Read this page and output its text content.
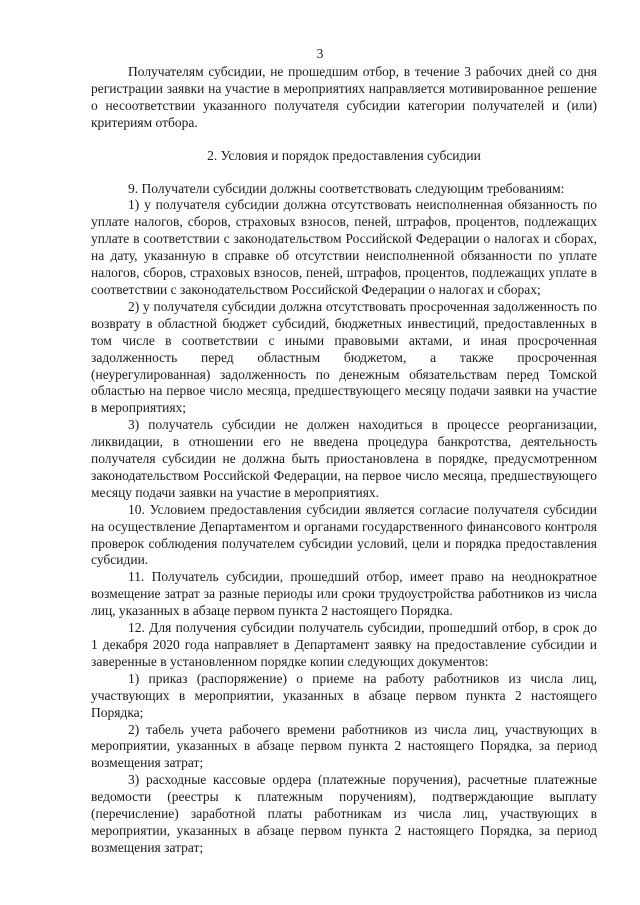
3

Получателям субсидии, не прошедшим отбор, в течение 3 рабочих дней со дня регистрации заявки на участие в мероприятиях направляется мотивированное решение о несоответствии указанного получателя субсидии категории получателей и (или) критериям отбора.

2. Условия и порядок предоставления субсидии

9. Получатели субсидии должны соответствовать следующим требованиям:

1) у получателя субсидии должна отсутствовать неисполненная обязанность по уплате налогов, сборов, страховых взносов, пеней, штрафов, процентов, подлежащих уплате в соответствии с законодательством Российской Федерации о налогах и сборах, на дату, указанную в справке об отсутствии неисполненной обязанности по уплате налогов, сборов, страховых взносов, пеней, штрафов, процентов, подлежащих уплате в соответствии с законодательством Российской Федерации о налогах и сборах;

2) у получателя субсидии должна отсутствовать просроченная задолженность по возврату в областной бюджет субсидий, бюджетных инвестиций, предоставленных в том числе в соответствии с иными правовыми актами, и иная просроченная задолженность перед областным бюджетом, а также просроченная (неурегулированная) задолженность по денежным обязательствам перед Томской областью на первое число месяца, предшествующего месяцу подачи заявки на участие в мероприятиях;

3) получатель субсидии не должен находиться в процессе реорганизации, ликвидации, в отношении его не введена процедура банкротства, деятельность получателя субсидии не должна быть приостановлена в порядке, предусмотренном законодательством Российской Федерации, на первое число месяца, предшествующего месяцу подачи заявки на участие в мероприятиях.

10. Условием предоставления субсидии является согласие получателя субсидии на осуществление Департаментом и органами государственного финансового контроля проверок соблюдения получателем субсидии условий, цели и порядка предоставления субсидии.

11. Получатель субсидии, прошедший отбор, имеет право на неоднократное возмещение затрат за разные периоды или сроки трудоустройства работников из числа лиц, указанных в абзаце первом пункта 2 настоящего Порядка.

12. Для получения субсидии получатель субсидии, прошедший отбор, в срок до 1 декабря 2020 года направляет в Департамент заявку на предоставление субсидии и заверенные в установленном порядке копии следующих документов:

1) приказ (распоряжение) о приеме на работу работников из числа лиц, участвующих в мероприятии, указанных в абзаце первом пункта 2 настоящего Порядка;

2) табель учета рабочего времени работников из числа лиц, участвующих в мероприятии, указанных в абзаце первом пункта 2 настоящего Порядка, за период возмещения затрат;

3) расходные кассовые ордера (платежные поручения), расчетные платежные ведомости (реестры к платежным поручениям), подтверждающие выплату (перечисление) заработной платы работникам из числа лиц, участвующих в мероприятии, указанных в абзаце первом пункта 2 настоящего Порядка, за период возмещения затрат;
